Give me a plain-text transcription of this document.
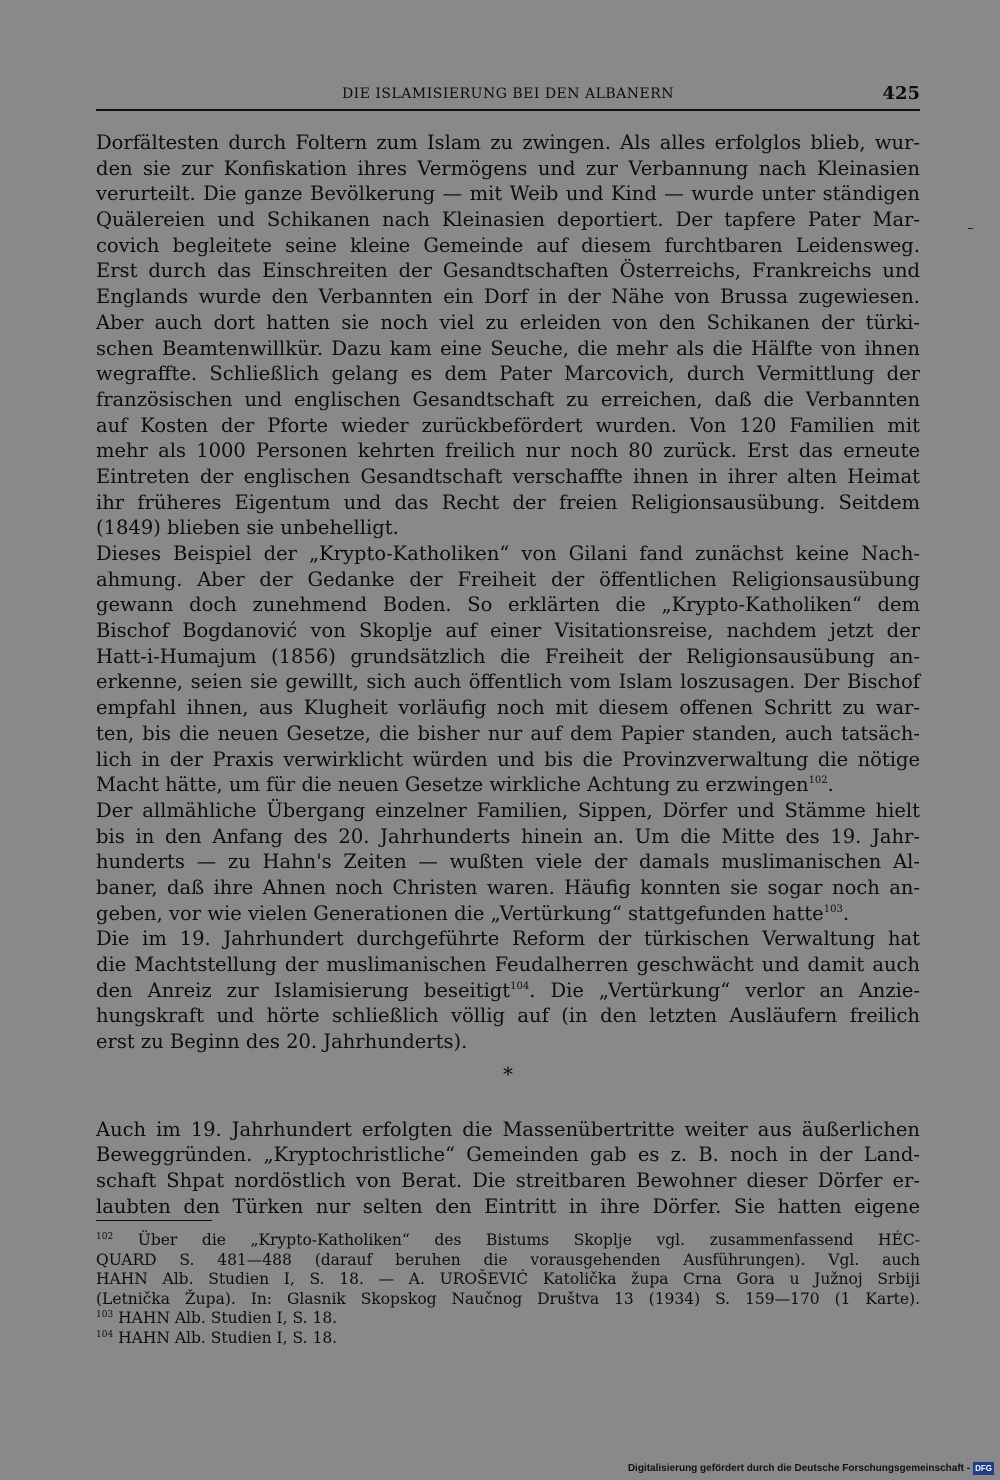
DIE ISLAMISIERUNG BEI DEN ALBANERN	425
Dorfältesten durch Foltern zum Islam zu zwingen. Als alles erfolglos blieb, wur-
den sie zur Konfiskation ihres Vermögens und zur Verbannung nach Kleinasien
verurteilt. Die ganze Bevölkerung — mit Weib und Kind — wurde unter ständigen
Quälereien und Schikanen nach Kleinasien deportiert. Der tapfere Pater Mar-
covich begleitete seine kleine Gemeinde auf diesem furchtbaren Leidensweg.
Erst durch das Einschreiten der Gesandtschaften Österreichs, Frankreichs und
Englands wurde den Verbannten ein Dorf in der Nähe von Brussa zugewiesen.
Aber auch dort hatten sie noch viel zu erleiden von den Schikanen der türki-
schen Beamtenwillkür. Dazu kam eine Seuche, die mehr als die Hälfte von ihnen
wegraffte. Schließlich gelang es dem Pater Marcovich, durch Vermittlung der
französischen und englischen Gesandtschaft zu erreichen, daß die Verbannten
auf Kosten der Pforte wieder zurückbefördert wurden. Von 120 Familien mit
mehr als 1000 Personen kehrten freilich nur noch 80 zurück. Erst das erneute
Eintreten der englischen Gesandtschaft verschaffte ihnen in ihrer alten Heimat
ihr früheres Eigentum und das Recht der freien Religionsausübung. Seitdem
(1849) blieben sie unbehelligt.
Dieses Beispiel der „Krypto-Katholiken“ von Gilani fand zunächst keine Nach-
ahmung. Aber der Gedanke der Freiheit der öffentlichen Religionsausübung
gewann doch zunehmend Boden. So erklärten die „Krypto-Katholiken“ dem
Bischof Bogdanović von Skoplje auf einer Visitationsreise, nachdem jetzt der
Hatt-i-Humajum (1856) grundsätzlich die Freiheit der Religionsausübung an-
erkenne, seien sie gewillt, sich auch öffentlich vom Islam loszusagen. Der Bischof
empfahl ihnen, aus Klugheit vorläufig noch mit diesem offenen Schritt zu war-
ten, bis die neuen Gesetze, die bisher nur auf dem Papier standen, auch tatsäch-
lich in der Praxis verwirklicht würden und bis die Provinzverwaltung die nötige
Macht hätte, um für die neuen Gesetze wirkliche Achtung zu erzwingen$^{102}$.
Der allmähliche Übergang einzelner Familien, Sippen, Dörfer und Stämme hielt
bis in den Anfang des 20. Jahrhunderts hinein an. Um die Mitte des 19. Jahr-
hunderts — zu Hahn's Zeiten — wußten viele der damals muslimanischen Al-
baner, daß ihre Ahnen noch Christen waren. Häufig konnten sie sogar noch an-
geben, vor wie vielen Generationen die „Vertürkung“ stattgefunden hatte$^{103}$.
Die im 19. Jahrhundert durchgeführte Reform der türkischen Verwaltung hat
die Machtstellung der muslimanischen Feudalherren geschwächt und damit auch
den Anreiz zur Islamisierung beseitigt$^{104}$. Die „Vertürkung“ verlor an Anzie-
hungskraft und hörte schließlich völlig auf (in den letzten Ausläufern freilich
erst zu Beginn des 20. Jahrhunderts).
*
Auch im 19. Jahrhundert erfolgten die Massenübertritte weiter aus äußerlichen
Beweggründen. „Kryptochristliche“ Gemeinden gab es z. B. noch in der Land-
schaft Shpat nordöstlich von Berat. Die streitbaren Bewohner dieser Dörfer er-
laubten den Türken nur selten den Eintritt in ihre Dörfer. Sie hatten eigene
$^{102}$ Über die „Krypto-Katholiken“ des Bistums Skoplje vgl. zusammenfassend HÉC-
QUARD S. 481—488 (darauf beruhen die vorausgehenden Ausführungen). Vgl. auch
HAHN Alb. Studien I, S. 18. — A. UROŠEVIĆ Katolička župa Crna Gora u Južnoj Srbiji
(Letnička Župa). In: Glasnik Skopskog Naučnog Društva 13 (1934) S. 159—170 (1 Karte).
$^{103}$ HAHN Alb. Studien I, S. 18.
$^{104}$ HAHN Alb. Studien I, S. 18.
Digitalisierung gefördert durch die Deutsche Forschungsgemeinschaft - DFG
